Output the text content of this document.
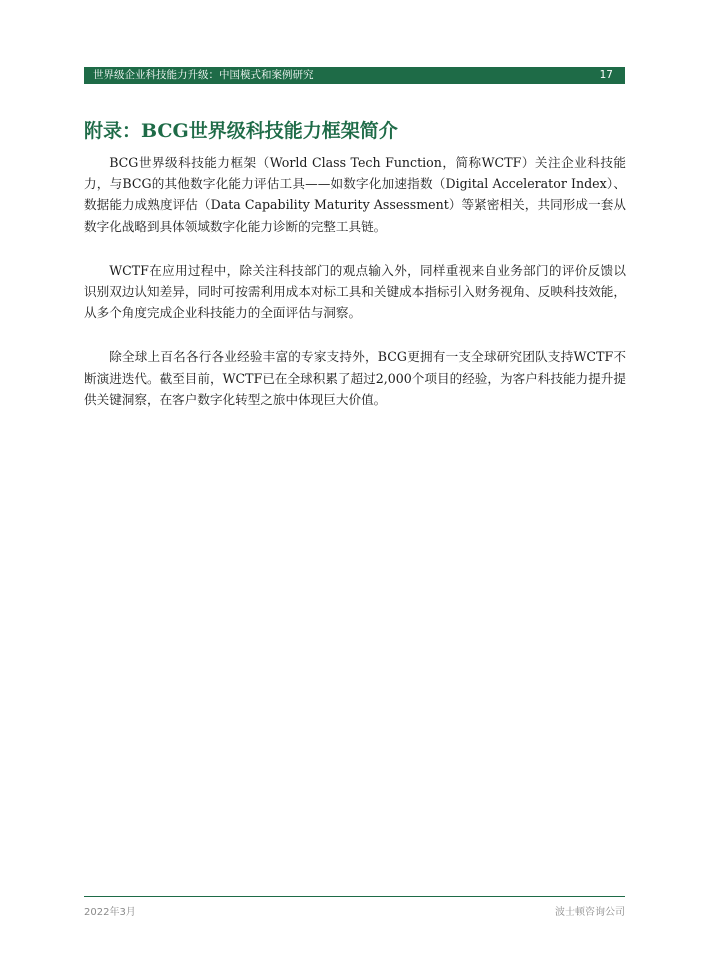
世界级企业科技能力升级：中国模式和案例研究	17
附录：BCG世界级科技能力框架简介

BCG世界级科技能力框架（World Class Tech Function，简称WCTF）关注企业科技能力，与BCG的其他数字化能力评估工具——如数字化加速指数（Digital Accelerator Index）、数据能力成熟度评估（Data Capability Maturity Assessment）等紧密相关，共同形成一套从数字化战略到具体领域数字化能力诊断的完整工具链。

WCTF在应用过程中，除关注科技部门的观点输入外，同样重视来自业务部门的评价反馈以识别双边认知差异，同时可按需利用成本对标工具和关键成本指标引入财务视角、反映科技效能，从多个角度完成企业科技能力的全面评估与洞察。

除全球上百名各行各业经验丰富的专家支持外，BCG更拥有一支全球研究团队支持WCTF不断演进迭代。截至目前，WCTF已在全球积累了超过2,000个项目的经验，为客户科技能力提升提供关键洞察，在客户数字化转型之旅中体现巨大价值。

2022年3月	波士顿咨询公司
